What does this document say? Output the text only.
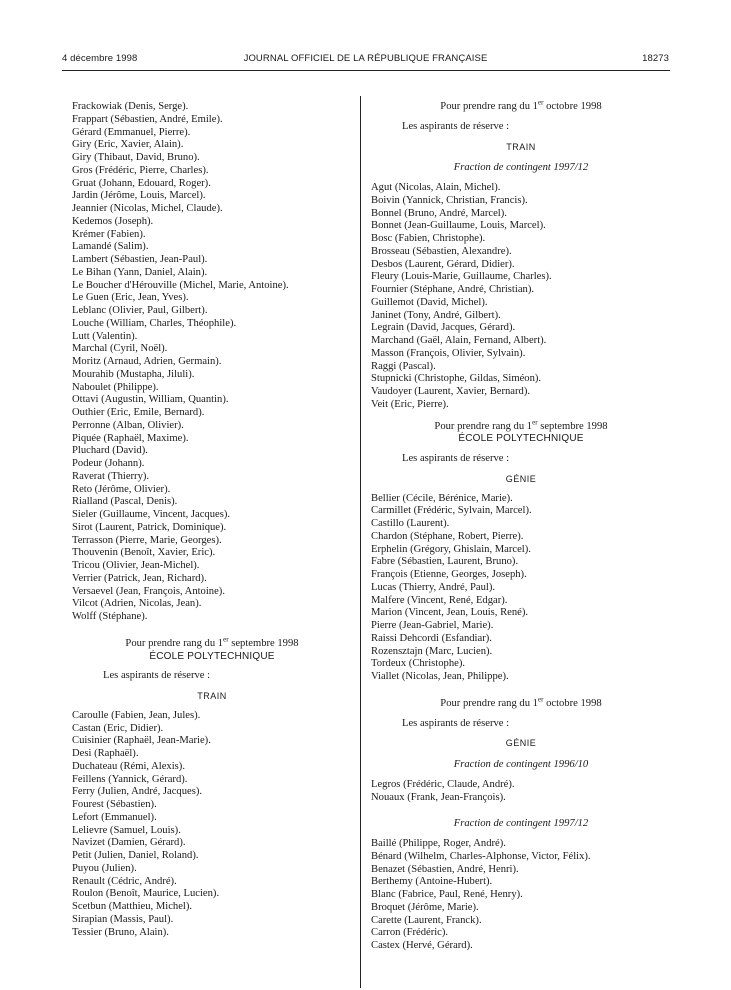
4 décembre 1998	JOURNAL OFFICIEL DE LA RÉPUBLIQUE FRANÇAISE	18273
Frackowiak (Denis, Serge).
Frappart (Sébastien, André, Emile).
Gérard (Emmanuel, Pierre).
Giry (Eric, Xavier, Alain).
Giry (Thibaut, David, Bruno).
Gros (Frédéric, Pierre, Charles).
Gruat (Johann, Edouard, Roger).
Jardin (Jérôme, Louis, Marcel).
Jeannier (Nicolas, Michel, Claude).
Kedemos (Joseph).
Krémer (Fabien).
Lamandé (Salim).
Lambert (Sébastien, Jean-Paul).
Le Bihan (Yann, Daniel, Alain).
Le Boucher d'Hérouville (Michel, Marie, Antoine).
Le Guen (Eric, Jean, Yves).
Leblanc (Olivier, Paul, Gilbert).
Louche (William, Charles, Théophile).
Lutt (Valentin).
Marchal (Cyril, Noël).
Moritz (Arnaud, Adrien, Germain).
Mourahib (Mustapha, Jiluli).
Naboulet (Philippe).
Ottavi (Augustin, William, Quantin).
Outhier (Eric, Emile, Bernard).
Perronne (Alban, Olivier).
Piquée (Raphaël, Maxime).
Pluchard (David).
Podeur (Johann).
Raverat (Thierry).
Reto (Jérôme, Olivier).
Rialland (Pascal, Denis).
Sieler (Guillaume, Vincent, Jacques).
Sirot (Laurent, Patrick, Dominique).
Terrasson (Pierre, Marie, Georges).
Thouvenin (Benoît, Xavier, Eric).
Tricou (Olivier, Jean-Michel).
Verrier (Patrick, Jean, Richard).
Versaevel (Jean, François, Antoine).
Vilcot (Adrien, Nicolas, Jean).
Wolff (Stéphane).
Pour prendre rang du 1er septembre 1998
ÉCOLE POLYTECHNIQUE
Les aspirants de réserve :
TRAIN
Caroulle (Fabien, Jean, Jules).
Castan (Eric, Didier).
Cuisinier (Raphaël, Jean-Marie).
Desi (Raphaël).
Duchateau (Rémi, Alexis).
Feillens (Yannick, Gérard).
Ferry (Julien, André, Jacques).
Fourest (Sébastien).
Lefort (Emmanuel).
Lelievre (Samuel, Louis).
Navizet (Damien, Gérard).
Petit (Julien, Daniel, Roland).
Puyou (Julien).
Renault (Cédric, André).
Roulon (Benoît, Maurice, Lucien).
Scetbun (Matthieu, Michel).
Sirapian (Massis, Paul).
Tessier (Bruno, Alain).
Pour prendre rang du 1er octobre 1998
Les aspirants de réserve :
TRAIN
Fraction de contingent 1997/12
Agut (Nicolas, Alain, Michel).
Boivin (Yannick, Christian, Francis).
Bonnel (Bruno, André, Marcel).
Bonnet (Jean-Guillaume, Louis, Marcel).
Bosc (Fabien, Christophe).
Brosseau (Sébastien, Alexandre).
Desbos (Laurent, Gérard, Didier).
Fleury (Louis-Marie, Guillaume, Charles).
Fournier (Stéphane, André, Christian).
Guillemot (David, Michel).
Janinet (Tony, André, Gilbert).
Legrain (David, Jacques, Gérard).
Marchand (Gaël, Alain, Fernand, Albert).
Masson (François, Olivier, Sylvain).
Raggi (Pascal).
Stupnicki (Christophe, Gildas, Siméon).
Vaudoyer (Laurent, Xavier, Bernard).
Veit (Eric, Pierre).
Pour prendre rang du 1er septembre 1998
ÉCOLE POLYTECHNIQUE
Les aspirants de réserve :
GÉNIE
Bellier (Cécile, Bérénice, Marie).
Carmillet (Frédéric, Sylvain, Marcel).
Castillo (Laurent).
Chardon (Stéphane, Robert, Pierre).
Erphelin (Grégory, Ghislain, Marcel).
Fabre (Sébastien, Laurent, Bruno).
François (Etienne, Georges, Joseph).
Lucas (Thierry, André, Paul).
Malfere (Vincent, René, Edgar).
Marion (Vincent, Jean, Louis, René).
Pierre (Jean-Gabriel, Marie).
Raissi Dehcordi (Esfandiar).
Rozensztajn (Marc, Lucien).
Tordeux (Christophe).
Viallet (Nicolas, Jean, Philippe).
Pour prendre rang du 1er octobre 1998
Les aspirants de réserve :
GÉNIE
Fraction de contingent 1996/10
Legros (Frédéric, Claude, André).
Nouaux (Frank, Jean-François).
Fraction de contingent 1997/12
Baillé (Philippe, Roger, André).
Bénard (Wilhelm, Charles-Alphonse, Victor, Félix).
Benazet (Sébastien, André, Henri).
Berthemy (Antoine-Hubert).
Blanc (Fabrice, Paul, René, Henry).
Broquet (Jérôme, Marie).
Carette (Laurent, Franck).
Carron (Frédéric).
Castex (Hervé, Gérard).
